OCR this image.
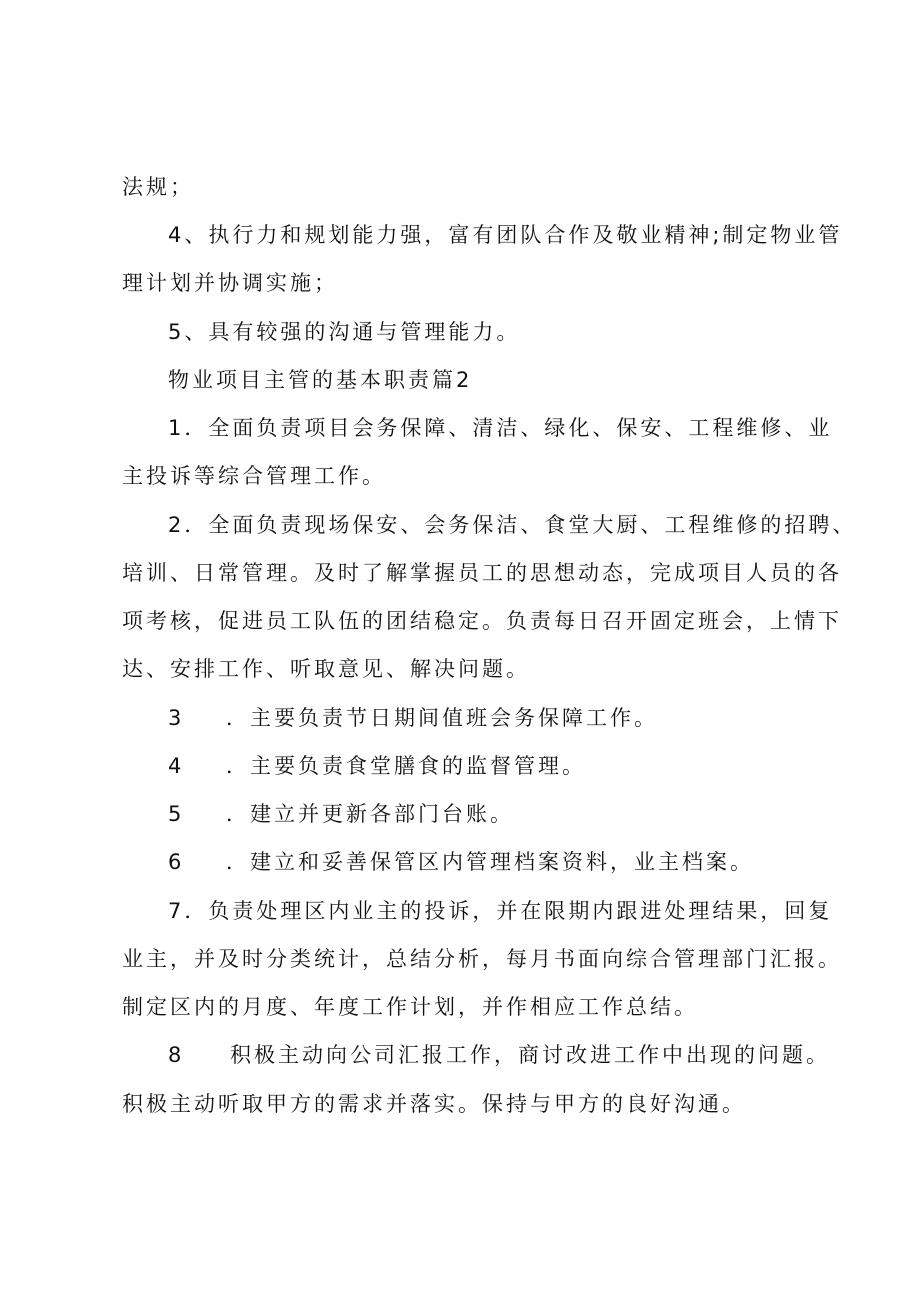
法规；
4、执行力和规划能力强，富有团队合作及敬业精神;制定物业管
理计划并协调实施；
5、具有较强的沟通与管理能力。
物业项目主管的基本职责篇2
1．全面负责项目会务保障、清洁、绿化、保安、工程维修、业
主投诉等综合管理工作。
2．全面负责现场保安、会务保洁、食堂大厨、工程维修的招聘、
培训、日常管理。及时了解掌握员工的思想动态，完成项目人员的各
项考核，促进员工队伍的团结稳定。负责每日召开固定班会，上情下
达、安排工作、听取意见、解决问题。
3 ．主要负责节日期间值班会务保障工作。
4 ．主要负责食堂膳食的监督管理。
5 ．建立并更新各部门台账。
6 ．建立和妥善保管区内管理档案资料，业主档案。
7．负责处理区内业主的投诉，并在限期内跟进处理结果，回复
业主，并及时分类统计，总结分析，每月书面向综合管理部门汇报。
制定区内的月度、年度工作计划，并作相应工作总结。
8 积极主动向公司汇报工作，商讨改进工作中出现的问题。
积极主动听取甲方的需求并落实。保持与甲方的良好沟通。
